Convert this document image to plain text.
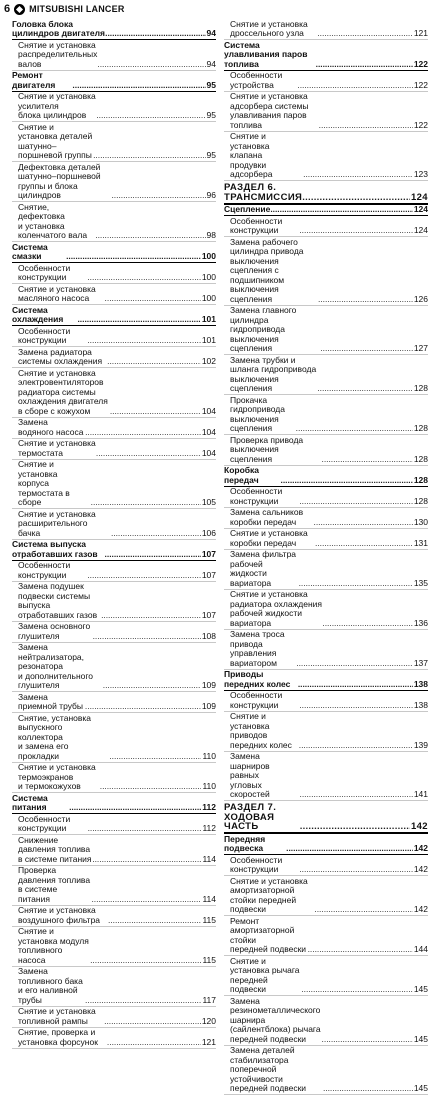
6 MITSUBISHI LANCER
Головка блока цилиндров двигателя . . .	94
Снятие и установка
распределительных валов . . .	94
Ремонт двигателя . . .	95
Снятие и установка усилителя
блока цилиндров . . .	95
Снятие и установка деталей
шатунно–поршневой группы . . .	95
Дефектовка деталей шатунно–поршневой
группы и блока цилиндров . . .	96
Снятие, дефектовка
и установка коленчатого вала . . .	98
Система смазки . . .	100
Особенности конструкции . . .	100
Снятие и установка масляного насоса . . .	100
Система охлаждения . . .	101
Особенности конструкции . . .	101
Замена радиатора системы охлаждения . . .	102
Снятие и установка электровентиляторов
радиатора системы охлаждения двигателя
в сборе с кожухом . . .	104
Замена водяного насоса . . .	104
Снятие и установка термостата . . .	104
Снятие и установка корпуса
термостата в сборе . . .	105
Снятие и установка расширительного бачка . . .	106
Система выпуска отработавших газов . . .	107
Особенности конструкции . . .	107
Замена подушек подвески системы
выпуска отработавших газов . . .	107
Замена основного глушителя . . .	108
Замена нейтрализатора, резонатора
и дополнительного глушителя . . .	109
Замена приемной трубы . . .	109
Снятие, установка выпускного коллектора
и замена его прокладки . . .	110
Снятие и установка термоэкранов
и термокожухов . . .	110
Система питания . . .	112
Особенности конструкции . . .	112
Снижение давления топлива
в системе питания . . .	114
Проверка давления топлива
в системе питания . . .	114
Снятие и установка воздушного фильтра . . .	115
Снятие и установка модуля
топливного насоса . . .	115
Замена топливного бака
и его наливной трубы . . .	117
Снятие и установка топливной рампы . . .	120
Снятие, проверка и установка форсунок . . .	121
Снятие и установка дроссельного узла . . .	121
Система улавливания паров топлива . . .	122
Особенности устройства . . .	122
Снятие и установка адсорбера системы
улавливания паров топлива . . .	122
Снятие и установка клапана
продувки адсорбера . . .	123
РАЗДЕЛ 6. ТРАНСМИССИЯ . . .	124
Сцепление . . .	124
Особенности конструкции . . .	124
Замена рабочего цилиндра привода
выключения сцепления с подшипником
выключения сцепления . . .	126
Замена главного цилиндра гидропривода
выключения сцепления . . .	127
Замена трубки и шланга гидропривода
выключения сцепления . . .	128
Прокачка гидропривода
выключения сцепления . . .	128
Проверка привода выключения сцепления . . .	128
Коробка передач . . .	128
Особенности конструкции . . .	128
Замена сальников коробки передач . . .	130
Снятие и установка коробки передач . . .	131
Замена фильтра рабочей
жидкости вариатора . . .	135
Снятие и установка радиатора охлаждения
рабочей жидкости вариатора . . .	136
Замена троса привода
управления вариатором . . .	137
Приводы передних колес . . .	138
Особенности конструкции . . .	138
Снятие и установка
приводов передних колес . . .	139
Замена шарниров равных
угловых скоростей . . .	141
РАЗДЕЛ 7. ХОДОВАЯ ЧАСТЬ . . .	142
Передняя подвеска . . .	142
Особенности конструкции . . .	142
Снятие и установка амортизаторной
стойки передней подвески . . .	142
Ремонт амортизаторной стойки
передней подвески . . .	144
Снятие и установка рычага
передней подвески . . .	145
Замена резинометаллического шарнира
(сайлентблока) рычага передней подвески . . .	145
Замена деталей стабилизатора поперечной
устойчивости передней подвески . . .	145
